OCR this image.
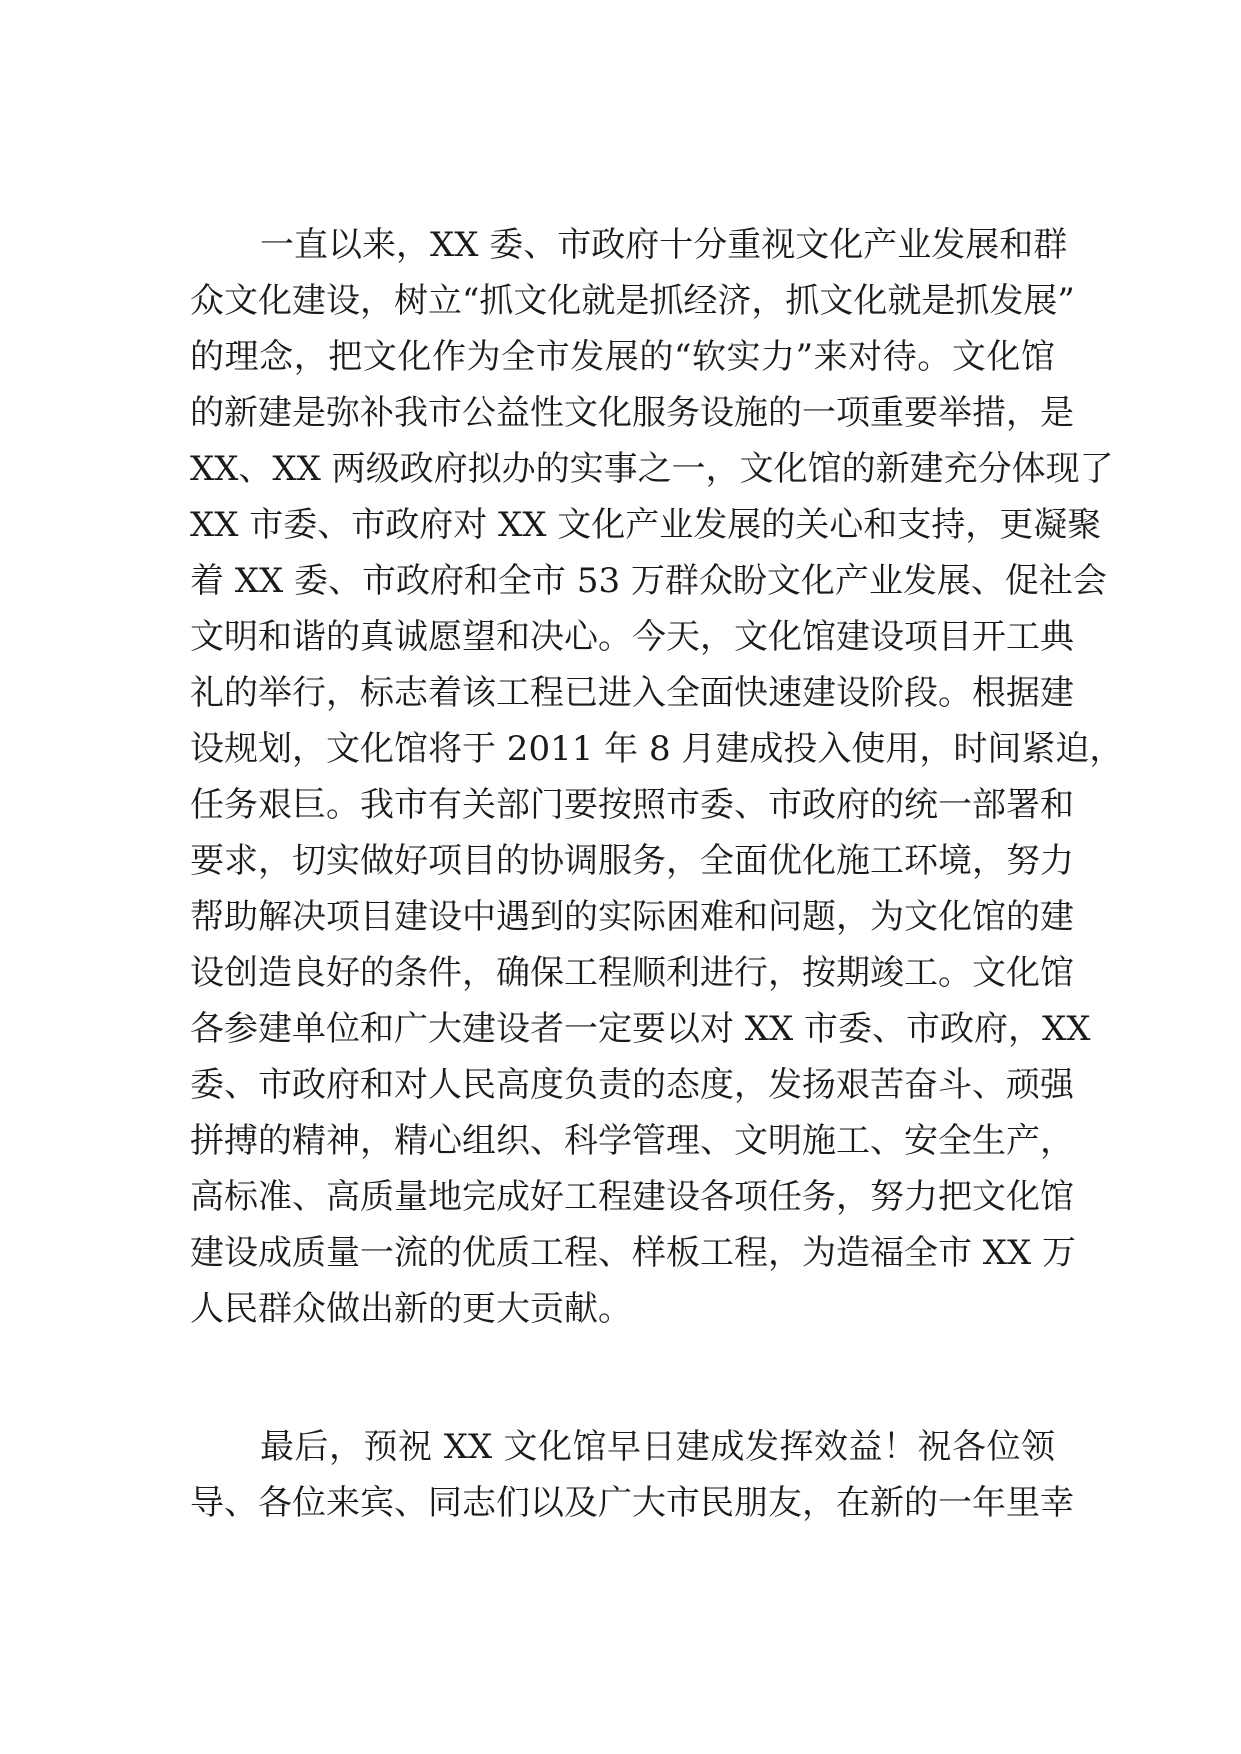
一直以来，XX 委、市政府十分重视文化产业发展和群
众文化建设，树立“抓文化就是抓经济，抓文化就是抓发展”
的理念，把文化作为全市发展的“软实力”来对待。文化馆
的新建是弥补我市公益性文化服务设施的一项重要举措，是
XX、XX 两级政府拟办的实事之一，文化馆的新建充分体现了
XX 市委、市政府对 XX 文化产业发展的关心和支持，更凝聚
着 XX 委、市政府和全市 53 万群众盼文化产业发展、促社会
文明和谐的真诚愿望和决心。今天，文化馆建设项目开工典
礼的举行，标志着该工程已进入全面快速建设阶段。根据建
设规划，文化馆将于 2011 年 8 月建成投入使用，时间紧迫，
任务艰巨。我市有关部门要按照市委、市政府的统一部署和
要求，切实做好项目的协调服务，全面优化施工环境，努力
帮助解决项目建设中遇到的实际困难和问题，为文化馆的建
设创造良好的条件，确保工程顺利进行，按期竣工。文化馆
各参建单位和广大建设者一定要以对 XX 市委、市政府，XX
委、市政府和对人民高度负责的态度，发扬艰苦奋斗、顽强
拼搏的精神，精心组织、科学管理、文明施工、安全生产，
高标准、高质量地完成好工程建设各项任务，努力把文化馆
建设成质量一流的优质工程、样板工程，为造福全市 XX 万
人民群众做出新的更大贡献。
最后，预祝 XX 文化馆早日建成发挥效益！祝各位领
导、各位来宾、同志们以及广大市民朋友，在新的一年里幸
